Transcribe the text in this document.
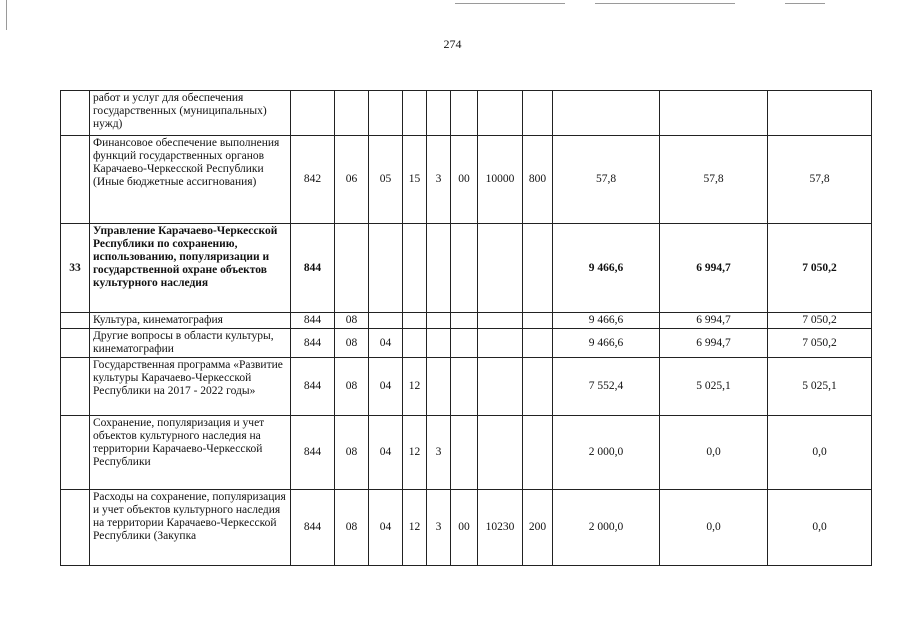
274
	работ и услуг для обеспечения государственных (муниципальных) нужд)											
	Финансовое обеспечение выполнения функций государственных органов Карачаево-Черкесской Республики (Иные бюджетные ассигнования)	842	06	05	15	3	00	10000	800	57,8	57,8	57,8
33	Управление Карачаево-Черкесской Республики по сохранению, использованию, популяризации и государственной охране объектов культурного наследия	844								9 466,6	6 994,7	7 050,2
	Культура, кинематография	844	08							9 466,6	6 994,7	7 050,2
	Другие вопросы в области культуры, кинематографии	844	08	04						9 466,6	6 994,7	7 050,2
	Государственная программа «Развитие культуры Карачаево-Черкесской Республики на 2017 - 2022 годы»	844	08	04	12					7 552,4	5 025,1	5 025,1
	Сохранение, популяризация и учет объектов культурного наследия на территории Карачаево-Черкесской Республики	844	08	04	12	3				2 000,0	0,0	0,0
	Расходы на сохранение, популяризация и учет объектов культурного наследия на территории Карачаево-Черкесской Республики (Закупка	844	08	04	12	3	00	10230	200	2 000,0	0,0	0,0
